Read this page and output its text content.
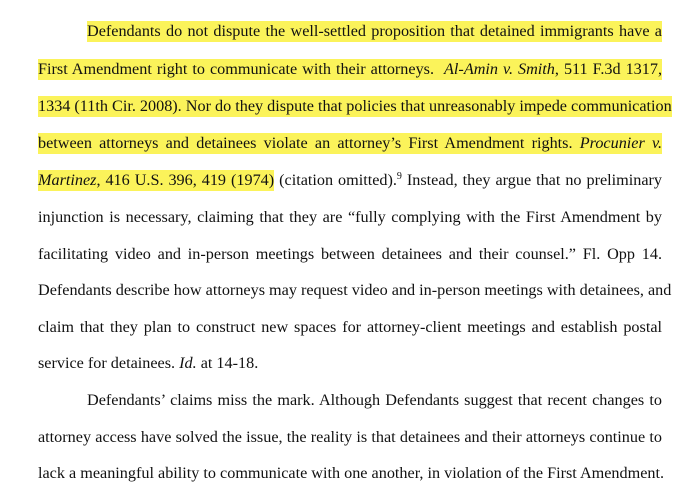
Defendants do not dispute the well-settled proposition that detained immigrants have a
First Amendment right to communicate with their attorneys. Al-Amin v. Smith, 511 F.3d 1317,
1334 (11th Cir. 2008). Nor do they dispute that policies that unreasonably impede communication
between attorneys and detainees violate an attorney’s First Amendment rights. Procunier v.
Martinez, 416 U.S. 396, 419 (1974) (citation omitted).$^9$ Instead, they argue that no preliminary
injunction is necessary, claiming that they are “fully complying with the First Amendment by
facilitating video and in-person meetings between detainees and their counsel.” Fl. Opp 14.
Defendants describe how attorneys may request video and in-person meetings with detainees, and
claim that they plan to construct new spaces for attorney-client meetings and establish postal
service for detainees. Id. at 14-18.
Defendants’ claims miss the mark. Although Defendants suggest that recent changes to
attorney access have solved the issue, the reality is that detainees and their attorneys continue to
lack a meaningful ability to communicate with one another, in violation of the First Amendment.
